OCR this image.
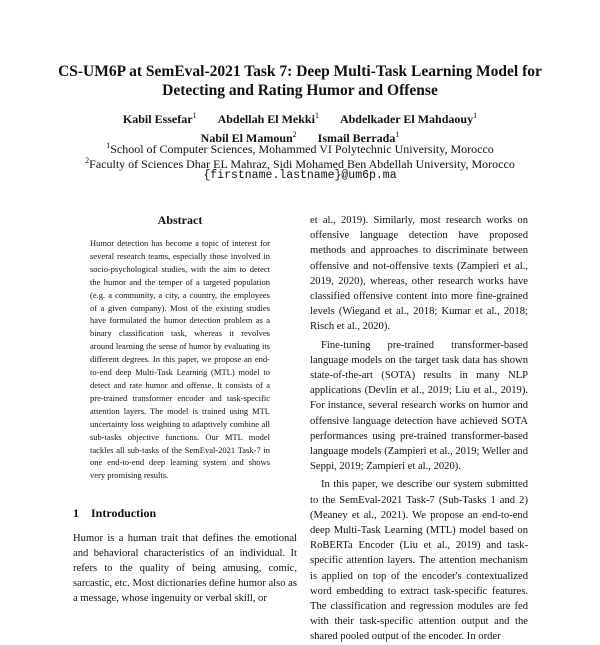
CS-UM6P at SemEval-2021 Task 7: Deep Multi-Task Learning Model for
Detecting and Rating Humor and Offense
Kabil Essefar$^1$ Abdellah El Mekki$^1$ Abdelkader El Mahdaouy$^1$
Nabil El Mamoun$^2$ Ismail Berrada$^1$
$^1$School of Computer Sciences, Mohammed VI Polytechnic University, Morocco
$^2$Faculty of Sciences Dhar EL Mahraz, Sidi Mohamed Ben Abdellah University, Morocco
{firstname.lastname}@um6p.ma
Abstract
Humor detection has become a topic of interest for several research teams, especially those involved in socio-psychological studies, with the aim to detect the humor and the temper of a targeted population (e.g. a community, a city, a country, the employees of a given company). Most of the existing studies have formulated the humor detection problem as a binary classification task, whereas it revolves around learning the sense of humor by evaluating its different degrees. In this paper, we propose an end-to-end deep Multi-Task Learning (MTL) model to detect and rate humor and offense. It consists of a pre-trained transformer encoder and task-specific attention layers. The model is trained using MTL uncertainty loss weighting to adaptively combine all sub-tasks objective functions. Our MTL model tackles all sub-tasks of the SemEval-2021 Task-7 in one end-to-end deep learning system and shows very promising results.
1 Introduction
Humor is a human trait that defines the emotional and behavioral characteristics of an individual. It refers to the quality of being amusing, comic, sarcastic, etc. Most dictionaries define humor also as a message, whose ingenuity or verbal skill, or

et al., 2019). Similarly, most research works on offensive language detection have proposed methods and approaches to discriminate between offensive and not-offensive texts (Zampieri et al., 2019, 2020), whereas, other research works have classified offensive content into more fine-grained levels (Wiegand et al., 2018; Kumar et al., 2018; Risch et al., 2020).

Fine-tuning pre-trained transformer-based language models on the target task data has shown state-of-the-art (SOTA) results in many NLP applications (Devlin et al., 2019; Liu et al., 2019). For instance, several research works on humor and offensive language detection have achieved SOTA performances using pre-trained transformer-based language models (Zampieri et al., 2019; Weller and Seppi, 2019; Zampieri et al., 2020).

In this paper, we describe our system submitted to the SemEval-2021 Task-7 (Sub-Tasks 1 and 2) (Meaney et al., 2021). We propose an end-to-end deep Multi-Task Learning (MTL) model based on RoBERTa Encoder (Liu et al., 2019) and task-specific attention layers. The attention mechanism is applied on top of the encoder's contextualized word embedding to extract task-specific features. The classification and regression modules are fed with their task-specific attention output and the shared pooled output of the encoder. In order
